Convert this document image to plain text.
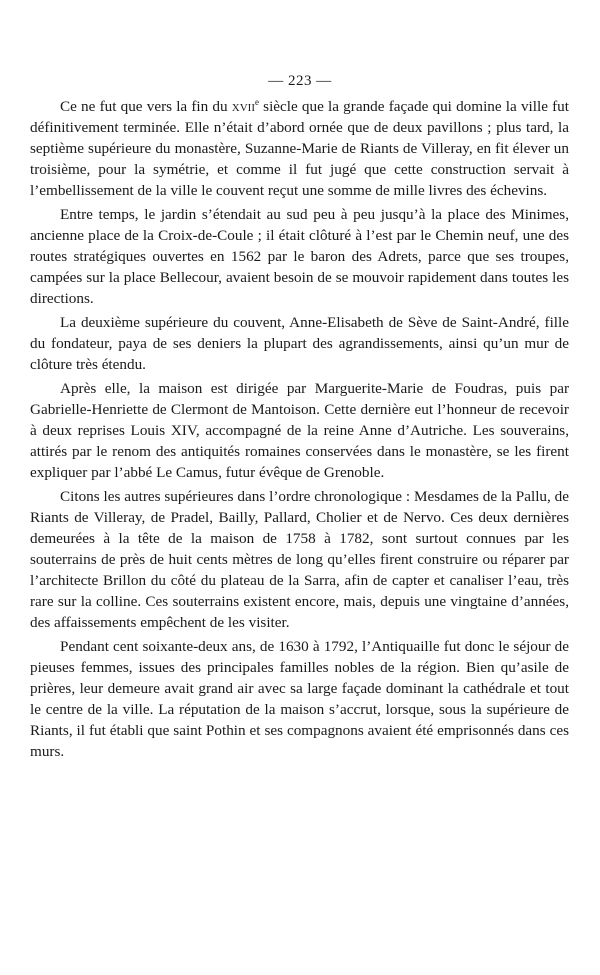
— 223 —

Ce ne fut que vers la fin du xvii$^e$ siècle que la grande façade qui domine la ville fut définitivement terminée. Elle n’était d’abord ornée que de deux pavillons ; plus tard, la septième supérieure du monastère, Suzanne-Marie de Riants de Villeray, en fit élever un troisième, pour la symétrie, et comme il fut jugé que cette construction servait à l’embellissement de la ville le couvent reçut une somme de mille livres des échevins.

Entre temps, le jardin s’étendait au sud peu à peu jusqu’à la place des Minimes, ancienne place de la Croix-de-Coule ; il était clôturé à l’est par le Chemin neuf, une des routes stratégiques ouvertes en 1562 par le baron des Adrets, parce que ses troupes, campées sur la place Bellecour, avaient besoin de se mouvoir rapidement dans toutes les directions.

La deuxième supérieure du couvent, Anne-Elisabeth de Sève de Saint-André, fille du fondateur, paya de ses deniers la plupart des agrandissements, ainsi qu’un mur de clôture très étendu.

Après elle, la maison est dirigée par Marguerite-Marie de Foudras, puis par Gabrielle-Henriette de Clermont de Mantoison. Cette dernière eut l’honneur de recevoir à deux reprises Louis XIV, accompagné de la reine Anne d’Autriche. Les souverains, attirés par le renom des antiquités romaines conservées dans le monastère, se les firent expliquer par l’abbé Le Camus, futur évêque de Grenoble.

Citons les autres supérieures dans l’ordre chronologique : Mesdames de la Pallu, de Riants de Villeray, de Pradel, Bailly, Pallard, Cholier et de Nervo. Ces deux dernières demeurées à la tête de la maison de 1758 à 1782, sont surtout connues par les souterrains de près de huit cents mètres de long qu’elles firent construire ou réparer par l’architecte Brillon du côté du plateau de la Sarra, afin de capter et canaliser l’eau, très rare sur la colline. Ces souterrains existent encore, mais, depuis une vingtaine d’années, des affaissements empêchent de les visiter.

Pendant cent soixante-deux ans, de 1630 à 1792, l’Antiquaille fut donc le séjour de pieuses femmes, issues des principales familles nobles de la région. Bien qu’asile de prières, leur demeure avait grand air avec sa large façade dominant la cathédrale et tout le centre de la ville. La réputation de la maison s’accrut, lorsque, sous la supérieure de Riants, il fut établi que saint Pothin et ses compagnons avaient été emprisonnés dans ces murs.
